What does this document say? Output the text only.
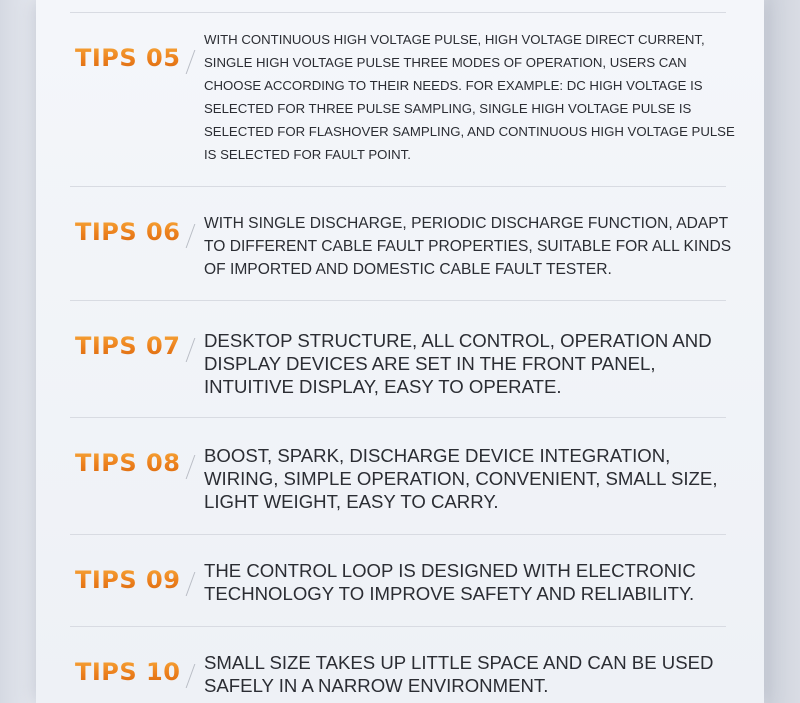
TIPS 05
WITH CONTINUOUS HIGH VOLTAGE PULSE, HIGH VOLTAGE DIRECT CURRENT, SINGLE HIGH VOLTAGE PULSE THREE MODES OF OPERATION, USERS CAN CHOOSE ACCORDING TO THEIR NEEDS. FOR EXAMPLE: DC HIGH VOLTAGE IS SELECTED FOR THREE PULSE SAMPLING, SINGLE HIGH VOLTAGE PULSE IS SELECTED FOR FLASHOVER SAMPLING, AND CONTINUOUS HIGH VOLTAGE PULSE IS SELECTED FOR FAULT POINT.
TIPS 06 WITH SINGLE DISCHARGE, PERIODIC DISCHARGE FUNCTION, ADAPT TO DIFFERENT CABLE FAULT PROPERTIES, SUITABLE FOR ALL KINDS OF IMPORTED AND DOMESTIC CABLE FAULT TESTER.
TIPS 07 DESKTOP STRUCTURE, ALL CONTROL, OPERATION AND DISPLAY DEVICES ARE SET IN THE FRONT PANEL, INTUITIVE DISPLAY, EASY TO OPERATE.
TIPS 08 BOOST, SPARK, DISCHARGE DEVICE INTEGRATION, WIRING, SIMPLE OPERATION, CONVENIENT, SMALL SIZE, LIGHT WEIGHT, EASY TO CARRY.
TIPS 09 THE CONTROL LOOP IS DESIGNED WITH ELECTRONIC TECHNOLOGY TO IMPROVE SAFETY AND RELIABILITY.
TIPS 10 SMALL SIZE TAKES UP LITTLE SPACE AND CAN BE USED SAFELY IN A NARROW ENVIRONMENT.
